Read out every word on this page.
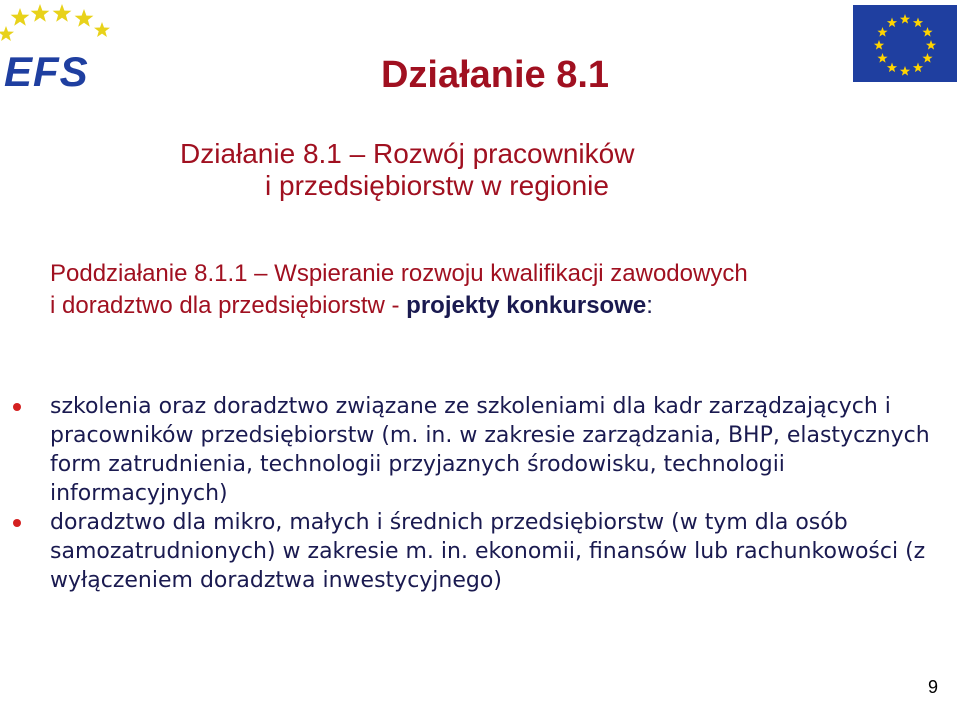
EFS	Działanie 8.1
Działanie 8.1 – Rozwój pracowników
i przedsiębiorstw w regionie
Poddziałanie 8.1.1 – Wspieranie rozwoju kwalifikacji zawodowych
i doradztwo dla przedsiębiorstw - projekty konkursowe:
szkolenia oraz doradztwo związane ze szkoleniami dla kadr zarządzających i pracowników przedsiębiorstw (m. in. w zakresie zarządzania, BHP, elastycznych form zatrudnienia, technologii przyjaznych środowisku, technologii informacyjnych)
doradztwo dla mikro, małych i średnich przedsiębiorstw (w tym dla osób samozatrudnionych) w zakresie m. in. ekonomii, finansów lub rachunkowości (z wyłączeniem doradztwa inwestycyjnego)
9
